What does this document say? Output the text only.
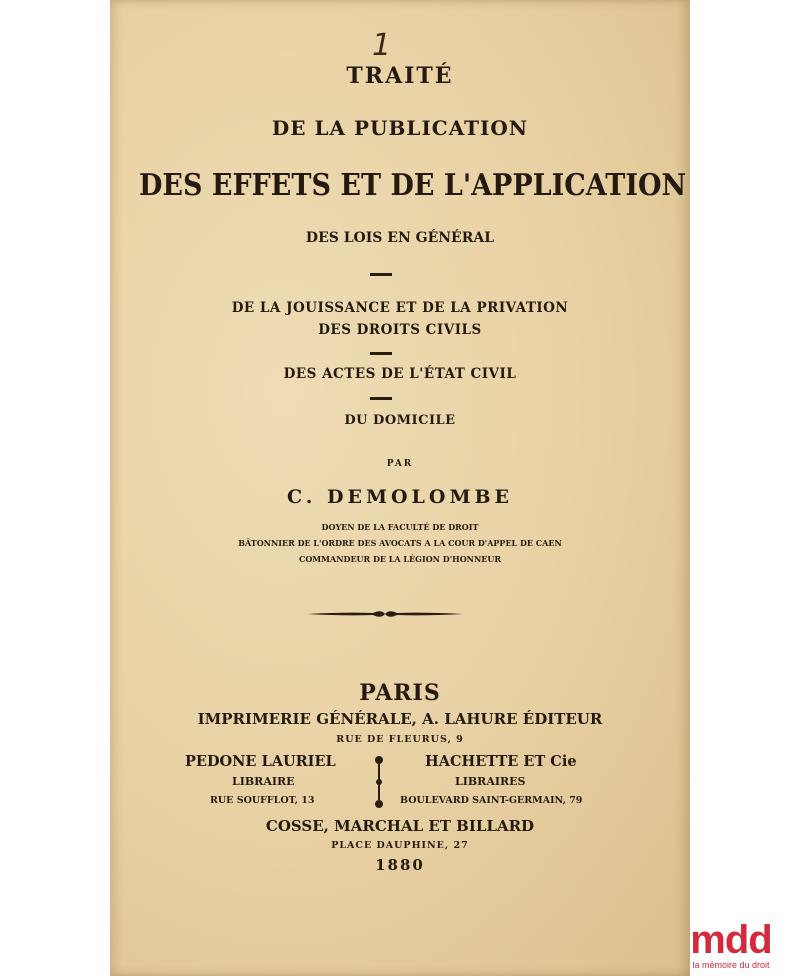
1
TRAITÉ
DE LA PUBLICATION
DES EFFETS ET DE L'APPLICATION
DES LOIS EN GÉNÉRAL
DE LA JOUISSANCE ET DE LA PRIVATION
DES DROITS CIVILS
DES ACTES DE L'ÉTAT CIVIL
DU DOMICILE
PAR
C. DEMOLOMBE
DOYEN DE LA FACULTÉ DE DROIT
BÂTONNIER DE L'ORDRE DES AVOCATS A LA COUR D'APPEL DE CAEN
COMMANDEUR DE LA LÉGION D'HONNEUR
PARIS
IMPRIMERIE GÉNÉRALE, A. LAHURE ÉDITEUR
RUE DE FLEURUS, 9
PEDONE LAURIEL
LIBRAIRE
RUE SOUFFLOT, 13
HACHETTE ET Cie
LIBRAIRES
BOULEVARD SAINT-GERMAIN, 79
COSSE, MARCHAL ET BILLARD
PLACE DAUPHINE, 27
1880
mdd
la mémoire du droit
